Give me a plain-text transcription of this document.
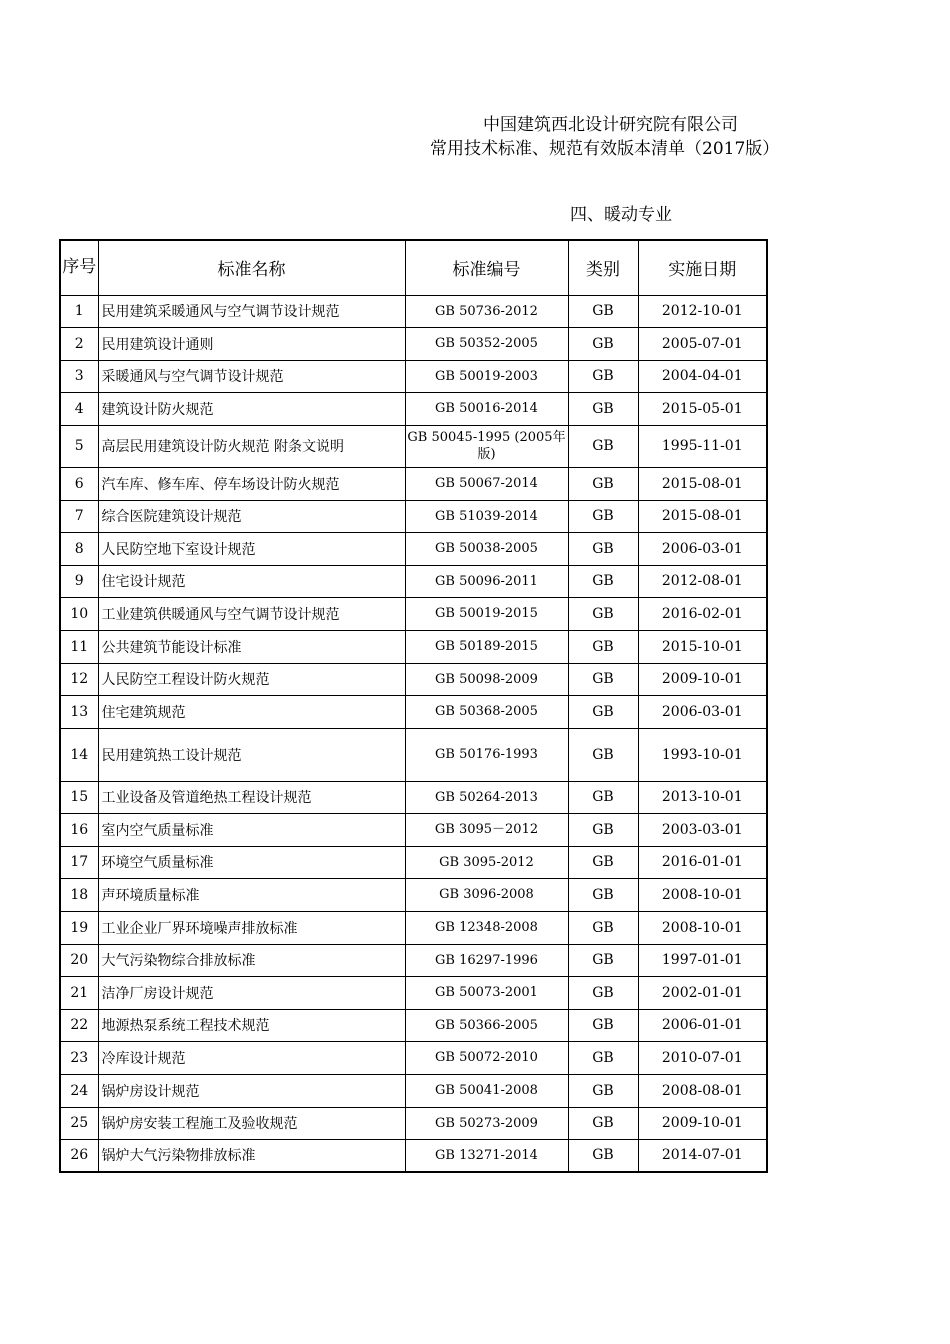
中国建筑西北设计研究院有限公司
常用技术标准、规范有效版本清单（2017版）
四、暖动专业
序号	标准名称	标准编号	类别	实施日期
1	民用建筑采暖通风与空气调节设计规范	GB 50736-2012	GB	2012-10-01
2	民用建筑设计通则	GB 50352-2005	GB	2005-07-01
3	采暖通风与空气调节设计规范	GB 50019-2003	GB	2004-04-01
4	建筑设计防火规范	GB 50016-2014	GB	2015-05-01
5	高层民用建筑设计防火规范 附条文说明	GB 50045-1995 (2005年版)	GB	1995-11-01
6	汽车库、修车库、停车场设计防火规范	GB 50067-2014	GB	2015-08-01
7	综合医院建筑设计规范	GB 51039-2014	GB	2015-08-01
8	人民防空地下室设计规范	GB 50038-2005	GB	2006-03-01
9	住宅设计规范	GB 50096-2011	GB	2012-08-01
10	工业建筑供暖通风与空气调节设计规范	GB 50019-2015	GB	2016-02-01
11	公共建筑节能设计标准	GB 50189-2015	GB	2015-10-01
12	人民防空工程设计防火规范	GB 50098-2009	GB	2009-10-01
13	住宅建筑规范	GB 50368-2005	GB	2006-03-01
14	民用建筑热工设计规范	GB 50176-1993	GB	1993-10-01
15	工业设备及管道绝热工程设计规范	GB 50264-2013	GB	2013-10-01
16	室内空气质量标准	GB 3095－2012	GB	2003-03-01
17	环境空气质量标准	GB 3095-2012	GB	2016-01-01
18	声环境质量标准	GB 3096-2008	GB	2008-10-01
19	工业企业厂界环境噪声排放标准	GB 12348-2008	GB	2008-10-01
20	大气污染物综合排放标准	GB 16297-1996	GB	1997-01-01
21	洁净厂房设计规范	GB 50073-2001	GB	2002-01-01
22	地源热泵系统工程技术规范	GB 50366-2005	GB	2006-01-01
23	冷库设计规范	GB 50072-2010	GB	2010-07-01
24	锅炉房设计规范	GB 50041-2008	GB	2008-08-01
25	锅炉房安装工程施工及验收规范	GB 50273-2009	GB	2009-10-01
26	锅炉大气污染物排放标准	GB 13271-2014	GB	2014-07-01
